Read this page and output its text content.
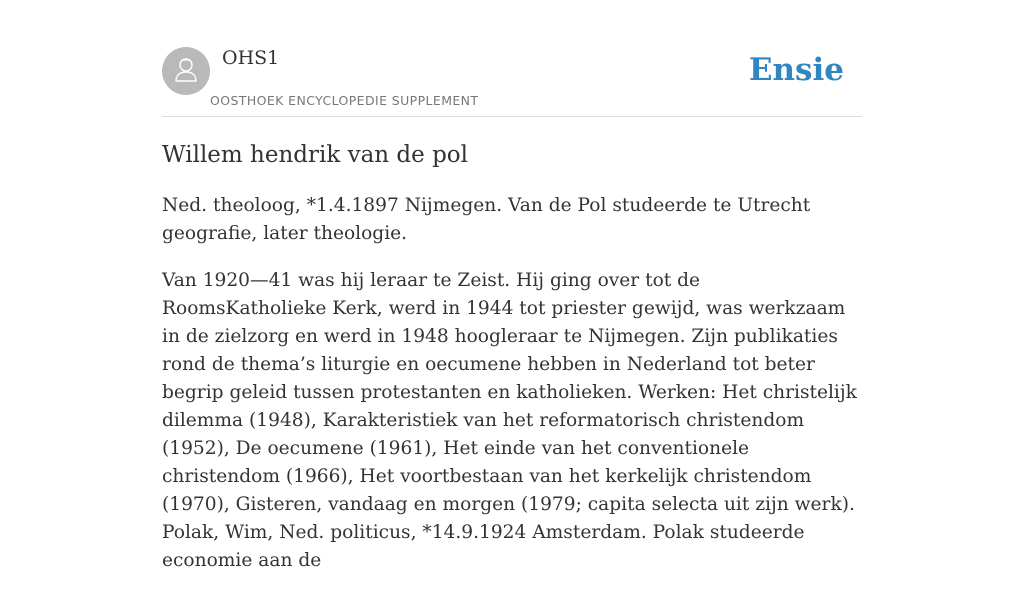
OHS1
OOSTHOEK ENCYCLOPEDIE SUPPLEMENT
Ensie
Willem hendrik van de pol

Ned. theoloog, *1.4.1897 Nijmegen. Van de Pol studeerde te Utrecht geografie, later theologie.

Van 1920—41 was hij leraar te Zeist. Hij ging over tot de RoomsKatholieke Kerk, werd in 1944 tot priester gewijd, was werkzaam in de zielzorg en werd in 1948 hoogleraar te Nijmegen. Zijn publikaties rond de thema’s liturgie en oecumene hebben in Nederland tot beter begrip geleid tussen protestanten en katholieken. Werken: Het christelijk dilemma (1948), Karakteristiek van het reformatorisch christendom (1952), De oecumene (1961), Het einde van het conventionele christendom (1966), Het voortbestaan van het kerkelijk christendom (1970), Gisteren, vandaag en morgen (1979; capita selecta uit zijn werk). Polak, Wim, Ned. politicus, *14.9.1924 Amsterdam. Polak studeerde economie aan de
